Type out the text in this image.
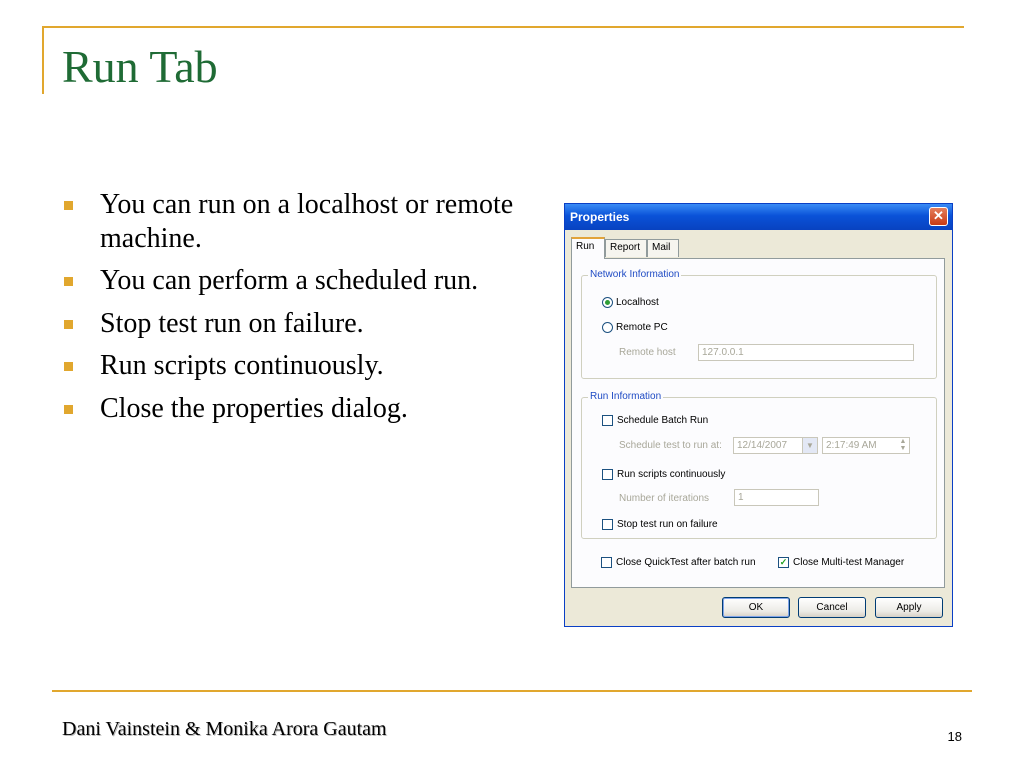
Run Tab
You can run on a localhost or remote machine.
You can perform a scheduled run.
Stop test run on failure.
Run scripts continuously.
Close the properties dialog.
Properties	✕
Run	Report	Mail
Network Information
Localhost
Remote PC
Remote host	127.0.0.1
Run Information
Schedule Batch Run
Schedule test to run at:	12/14/2007	▼	2:17:49 AM	▲
▼
Run scripts continuously
Number of iterations	1
Stop test run on failure
Close QuickTest after batch run	✓ Close Multi-test Manager
OK	Cancel	Apply
Dani Vainstein & Monika Arora Gautam	18
